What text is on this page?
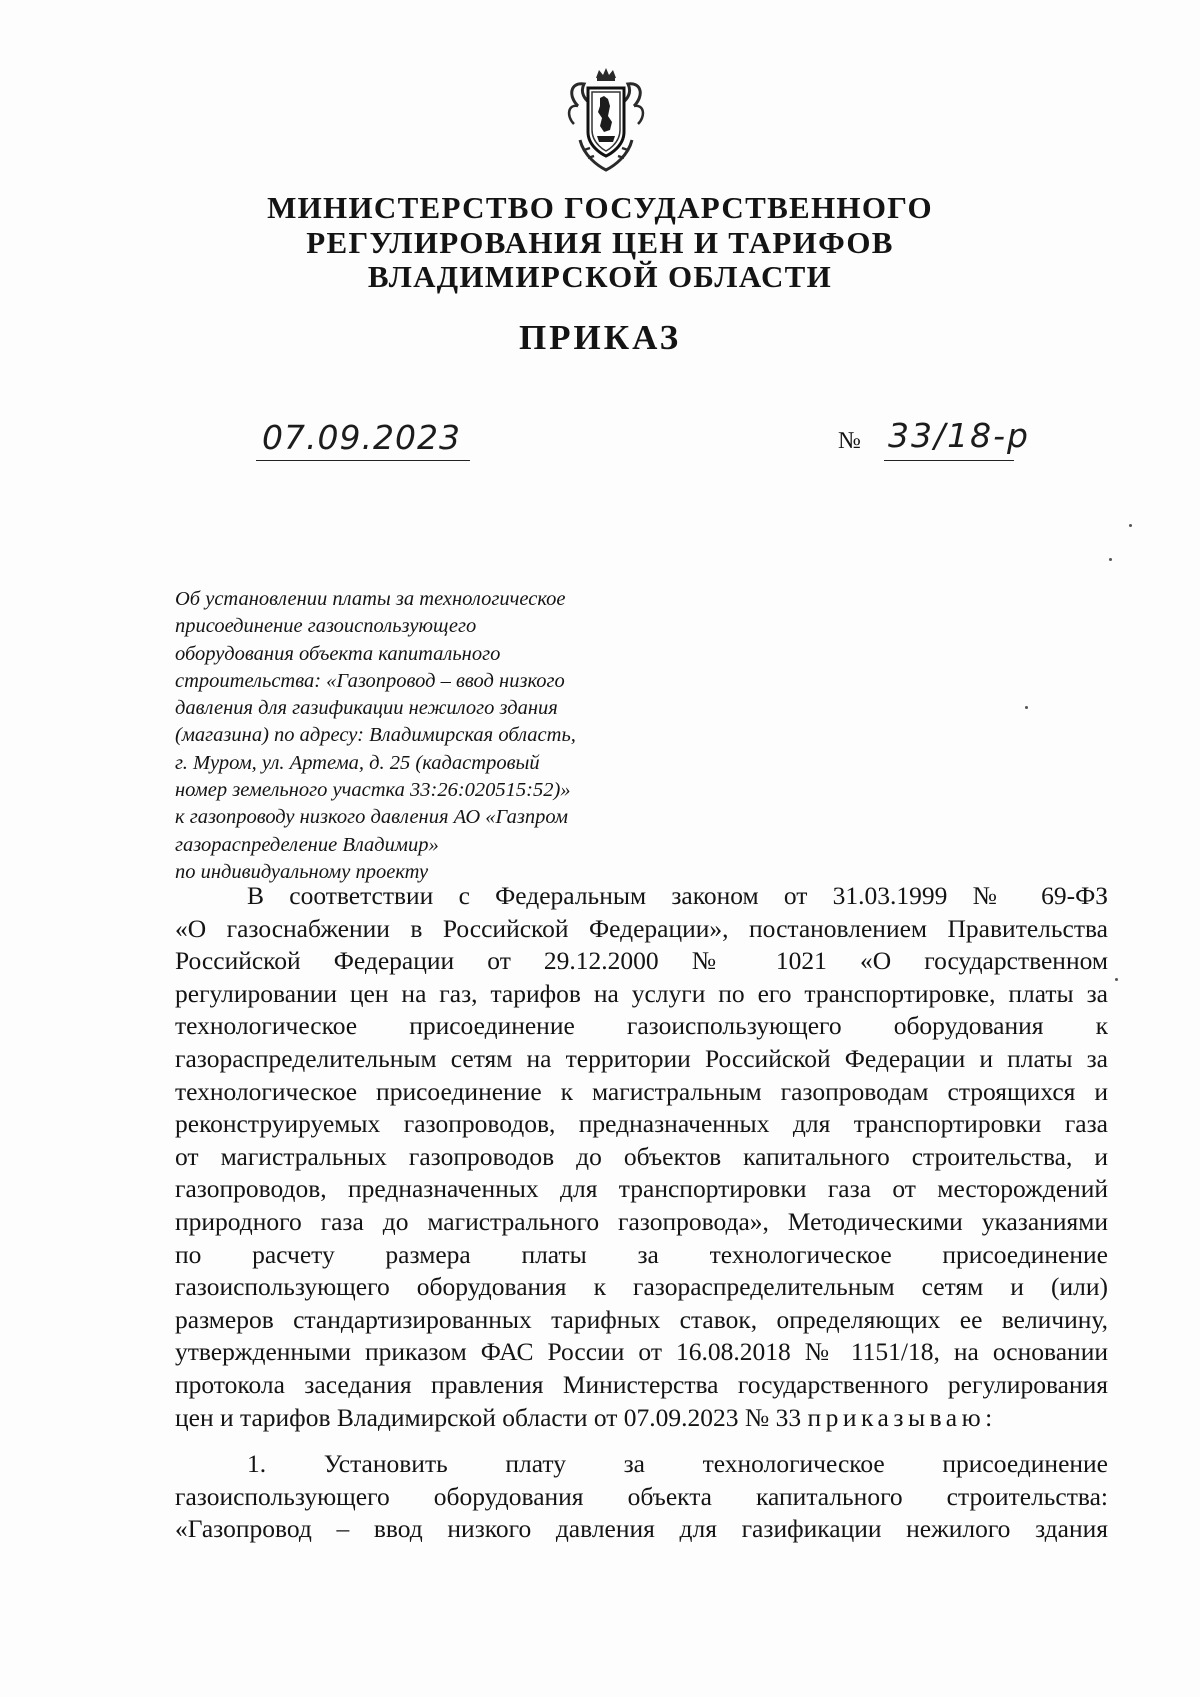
МИНИСТЕРСТВО ГОСУДАРСТВЕННОГО
РЕГУЛИРОВАНИЯ ЦЕН И ТАРИФОВ
ВЛАДИМИРСКОЙ ОБЛАСТИ
ПРИКАЗ
07.09.2023	№ 33/18-р

Об установлении платы за технологическое
присоединение газоиспользующего
оборудования объекта капитального
строительства: «Газопровод – ввод низкого
давления для газификации нежилого здания
(магазина) по адресу: Владимирская область,
г. Муром, ул. Артема, д. 25 (кадастровый
номер земельного участка 33:26:020515:52)»
к газопроводу низкого давления АО «Газпром
газораспределение Владимир»
по индивидуальному проекту

В соответствии с Федеральным законом от 31.03.1999 № 69-ФЗ
«О газоснабжении в Российской Федерации», постановлением Правительства
Российской Федерации от 29.12.2000 № 1021 «О государственном
регулировании цен на газ, тарифов на услуги по его транспортировке, платы за
технологическое присоединение газоиспользующего оборудования к
газораспределительным сетям на территории Российской Федерации и платы за
технологическое присоединение к магистральным газопроводам строящихся и
реконструируемых газопроводов, предназначенных для транспортировки газа
от магистральных газопроводов до объектов капитального строительства, и
газопроводов, предназначенных для транспортировки газа от месторождений
природного газа до магистрального газопровода», Методическими указаниями
по расчету размера платы за технологическое присоединение
газоиспользующего оборудования к газораспределительным сетям и (или)
размеров стандартизированных тарифных ставок, определяющих ее величину,
утвержденными приказом ФАС России от 16.08.2018 № 1151/18, на основании
протокола заседания правления Министерства государственного регулирования
цен и тарифов Владимирской области от 07.09.2023 № 33 приказываю:

1. Установить плату за технологическое присоединение
газоиспользующего оборудования объекта капитального строительства:
«Газопровод – ввод низкого давления для газификации нежилого здания
